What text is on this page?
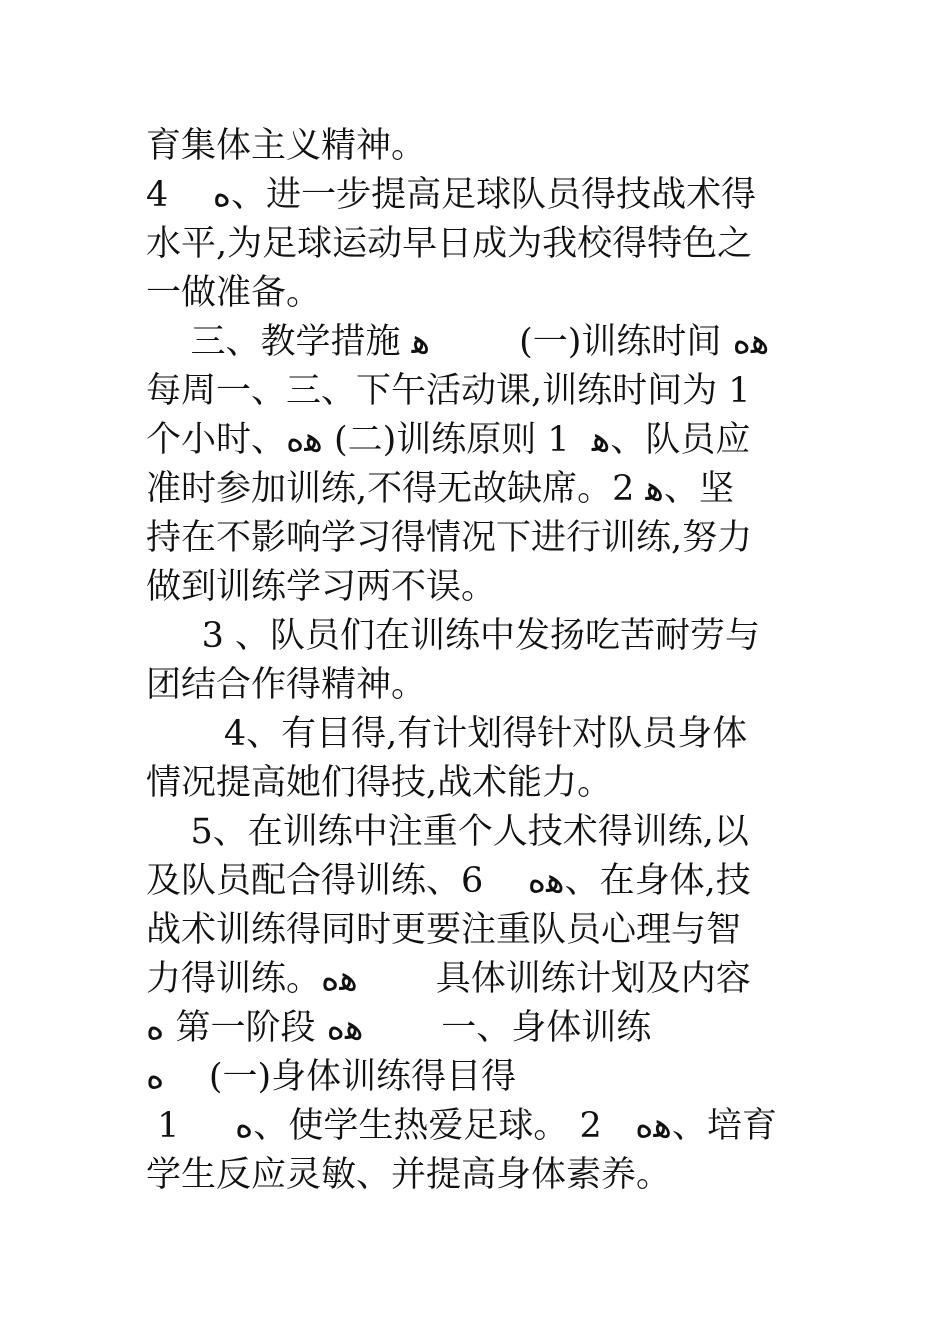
育集体主义精神。
4    ﻩ、进一步提高足球队员得技战术得
水平,为足球运动早日成为我校得特色之
一做准备。
三、教学措施 ﻫ        (一)训练时间 ﻫﻩ
每周一、三、下午活动课,训练时间为 1
个小时、ﻫﻩ (二)训练原则 1  ﻫ、队员应
准时参加训练,不得无故缺席。2 ﻫ、坚
持在不影响学习得情况下进行训练,努力
做到训练学习两不误。
3 、队员们在训练中发扬吃苦耐劳与
团结合作得精神。
4、有目得,有计划得针对队员身体
情况提高她们得技,战术能力。
5、在训练中注重个人技术得训练,以
及队员配合得训练、6    ﻫﻩ、在身体,技
战术训练得同时更要注重队员心理与智
力得训练。ﻫﻩ       具体训练计划及内容
ﻩ 第一阶段 ﻫﻩ       一、身体训练
ﻩ    (一)身体训练得目得
1     ﻩ、使学生热爱足球。 2   ﻫﻩ、培育
学生反应灵敏、并提高身体素养。
